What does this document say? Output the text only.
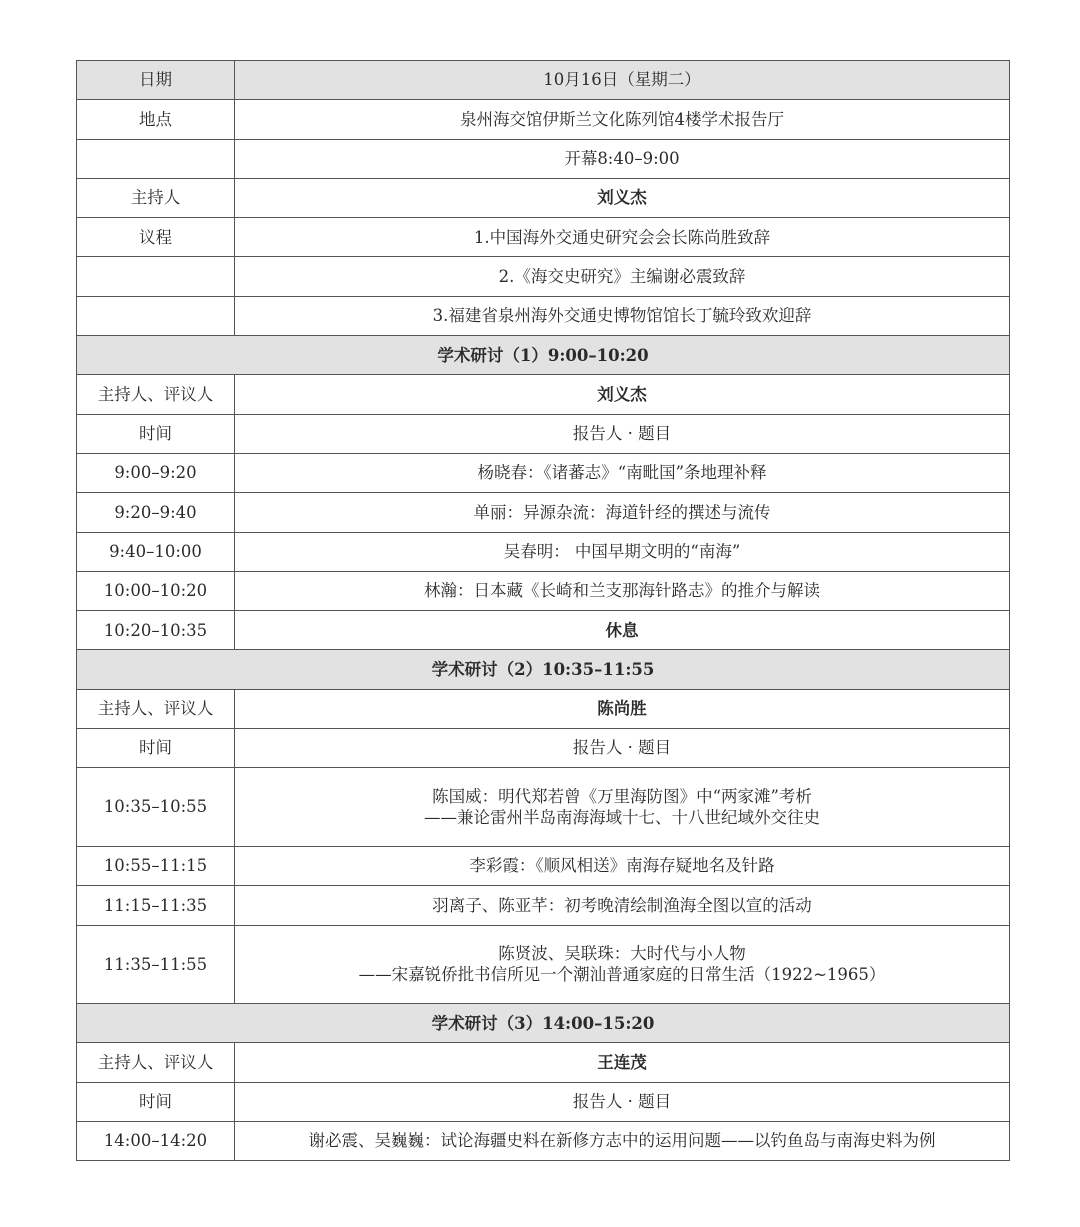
日期	10月16日（星期二）
地点	泉州海交馆伊斯兰文化陈列馆4楼学术报告厅
	开幕8:40–9:00
主持人	刘义杰
议程	1.中国海外交通史研究会会长陈尚胜致辞
	2.《海交史研究》主编谢必震致辞
	3.福建省泉州海外交通史博物馆馆长丁毓玲致欢迎辞
学术研讨（1）9:00–10:20	
主持人、评议人	刘义杰
时间	报告人 · 题目
9:00–9:20	杨晓春：《诸蕃志》“南毗国”条地理补释
9:20–9:40	单丽：异源杂流：海道针经的撰述与流传
9:40–10:00	吴春明： 中国早期文明的“南海”
10:00–10:20	林瀚：日本藏《长崎和兰支那海针路志》的推介与解读
10:20–10:35	休息
学术研讨（2）10:35–11:55	
主持人、评议人	陈尚胜
时间	报告人 · 题目
10:35–10:55	陈国威：明代郑若曾《万里海防图》中“两家滩”考析
——兼论雷州半岛南海海域十七、十八世纪域外交往史

10:55–11:15	李彩霞：《顺风相送》南海存疑地名及针路
11:15–11:35	羽离子、陈亚芊：初考晚清绘制渔海全图以宣的活动
11:35–11:55	陈贤波、吴联珠：大时代与小人物
——宋嘉锐侨批书信所见一个潮汕普通家庭的日常生活（1922~1965）

学术研讨（3）14:00–15:20	
主持人、评议人	王连茂
时间	报告人 · 题目
14:00–14:20	谢必震、吴巍巍：试论海疆史料在新修方志中的运用问题——以钓鱼岛与南海史料为例
